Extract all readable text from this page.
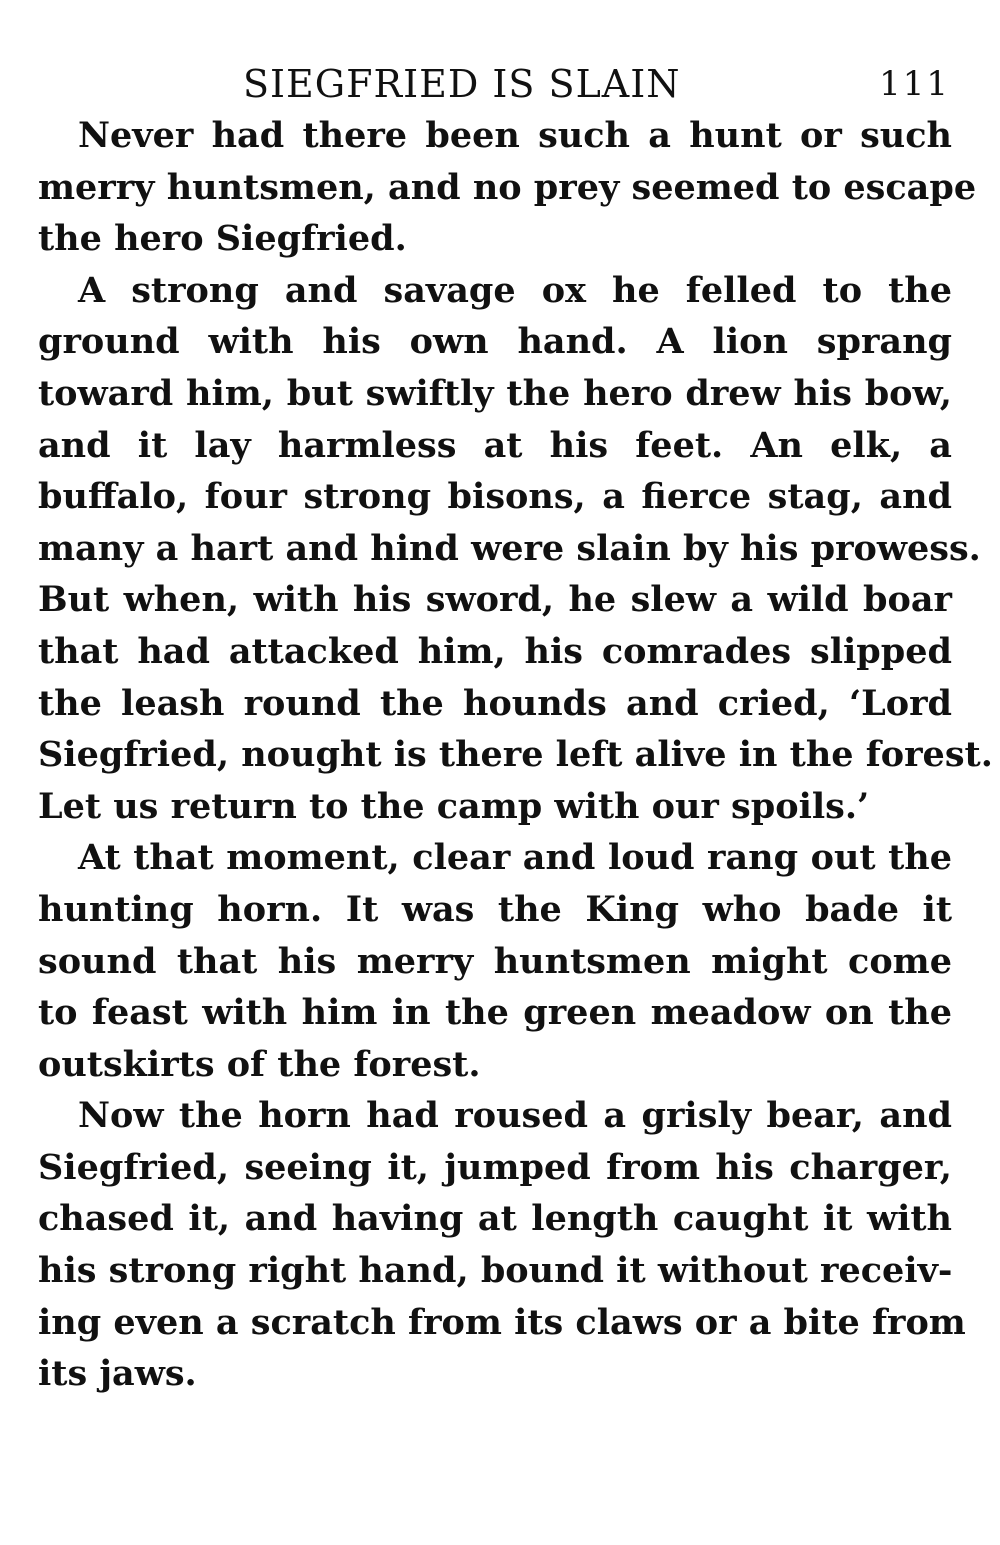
SIEGFRIED IS SLAIN	111

Never had there been such a hunt or such
merry huntsmen, and no prey seemed to escape
the hero Siegfried.

A strong and savage ox he felled to the
ground with his own hand. A lion sprang
toward him, but swiftly the hero drew his bow,
and it lay harmless at his feet. An elk, a
buffalo, four strong bisons, a fierce stag, and
many a hart and hind were slain by his prowess.
But when, with his sword, he slew a wild boar
that had attacked him, his comrades slipped
the leash round the hounds and cried, ‘Lord
Siegfried, nought is there left alive in the forest.
Let us return to the camp with our spoils.’

At that moment, clear and loud rang out the
hunting horn. It was the King who bade it
sound that his merry huntsmen might come
to feast with him in the green meadow on the
outskirts of the forest.

Now the horn had roused a grisly bear, and
Siegfried, seeing it, jumped from his charger,
chased it, and having at length caught it with
his strong right hand, bound it without receiv-
ing even a scratch from its claws or a bite from
its jaws.
